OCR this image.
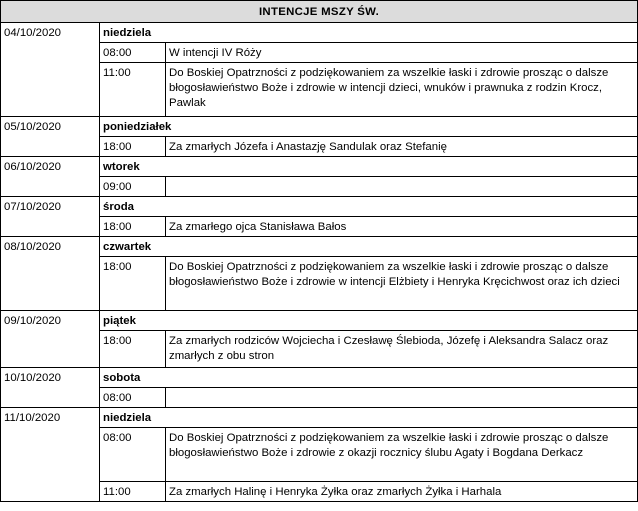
INTENCJE MSZY ŚW.		
04/10/2020	niedziela	
	08:00	W intencji IV Róży
	11:00	Do Boskiej Opatrzności z podziękowaniem za wszelkie łaski i zdrowie prosząc o dalsze błogosławieństwo Boże i zdrowie w intencji dzieci, wnuków i prawnuka z rodzin Krocz, Pawlak
05/10/2020	poniedziałek	
	18:00	Za zmarłych Józefa i Anastazję Sandulak oraz Stefanię
06/10/2020	wtorek	
	09:00	
07/10/2020	środa	
	18:00	Za zmarłego ojca Stanisława Bałos
08/10/2020	czwartek	
	18:00	Do Boskiej Opatrzności z podziękowaniem za wszelkie łaski i zdrowie prosząc o dalsze błogosławieństwo Boże i zdrowie w intencji Elżbiety i Henryka Kręcichwost oraz ich dzieci
09/10/2020	piątek	
	18:00	Za zmarłych rodziców Wojciecha i Czesławę Ślebioda, Józefę i Aleksandra Salacz oraz zmarłych z obu stron
10/10/2020	sobota	
	08:00	
11/10/2020	niedziela	
	08:00	Do Boskiej Opatrzności z podziękowaniem za wszelkie łaski i zdrowie prosząc o dalsze błogosławieństwo Boże i zdrowie z okazji rocznicy ślubu Agaty i Bogdana Derkacz
	11:00	Za zmarłych Halinę i Henryka Żyłka oraz zmarłych Żyłka i Harhala
